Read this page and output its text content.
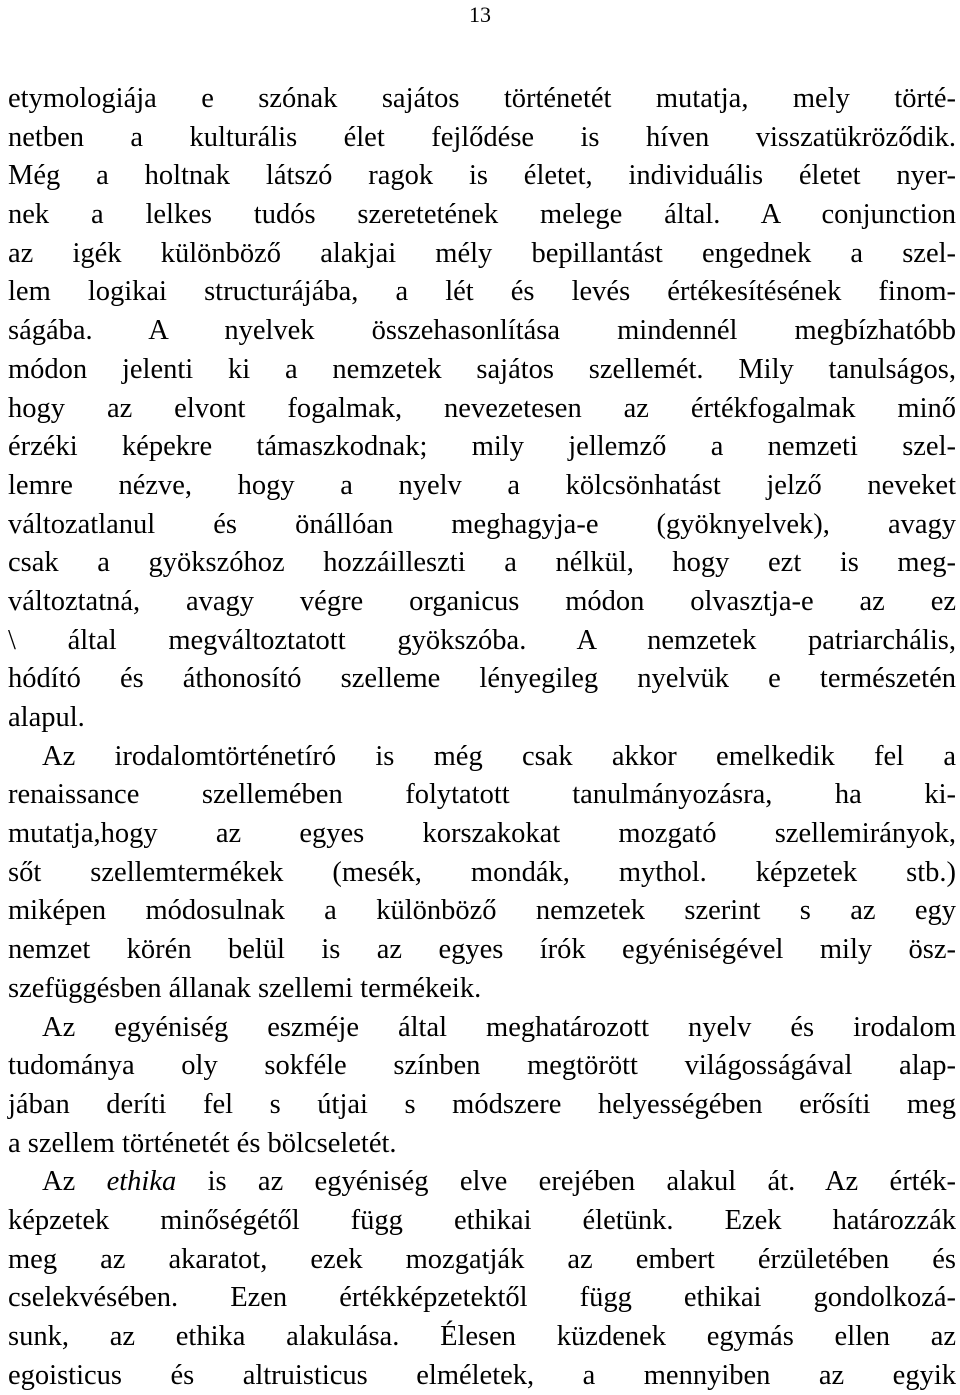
13
etymologiája e szónak sajátos történetét mutatja, mely törté-
netben a kulturális élet fejlődése is híven visszatükröződik.
Még a holtnak látszó ragok is életet, individuális életet nyer-
nek a lelkes tudós szeretetének melege által. A conjunction
az igék különböző alakjai mély bepillantást engednek a szel-
lem logikai structurájába, a lét és levés értékesítésének finom-
ságába. A nyelvek összehasonlítása mindennél megbízhatóbb
módon jelenti ki a nemzetek sajátos szellemét. Mily tanulságos,
hogy az elvont fogalmak, nevezetesen az értékfogalmak minő
érzéki képekre támaszkodnak; mily jellemző a nemzeti szel-
lemre nézve, hogy a nyelv a kölcsönhatást jelző neveket
változatlanul és önállóan meghagyja-e (gyöknyelvek), avagy
csak a gyökszóhoz hozzáilleszti a nélkül, hogy ezt is meg-
változtatná, avagy végre organicus módon olvasztja-e az ez
\ által megváltoztatott gyökszóba. A nemzetek patriarchális,
hódító és áthonosító szelleme lényegileg nyelvük e természetén
alapul.
Az irodalomtörténetíró is még csak akkor emelkedik fel a
renaissance szellemében folytatott tanulmányozásra, ha ki-
mutatja,hogy az egyes korszakokat mozgató szellemirányok,
sőt szellemtermékek (mesék, mondák, mythol. képzetek stb.)
miképen módosulnak a különböző nemzetek szerint s az egy
nemzet körén belül is az egyes írók egyéniségével mily ösz-
szefüggésben állanak szellemi termékeik.
Az egyéniség eszméje által meghatározott nyelv és irodalom
tudománya oly sokféle színben megtörött világosságával alap-
jában deríti fel s útjai s módszere helyességében erősíti meg
a szellem történetét és bölcseletét.
Az ethika is az egyéniség elve erejében alakul át. Az érték-
képzetek minőségétől függ ethikai életünk. Ezek határozzák
meg az akaratot, ezek mozgatják az embert érzületében és
cselekvésében. Ezen értékképzetektől függ ethikai gondolkozá-
sunk, az ethika alakulása. Élesen küzdenek egymás ellen az
egoisticus és altruisticus elméletek, a mennyiben az egyik
